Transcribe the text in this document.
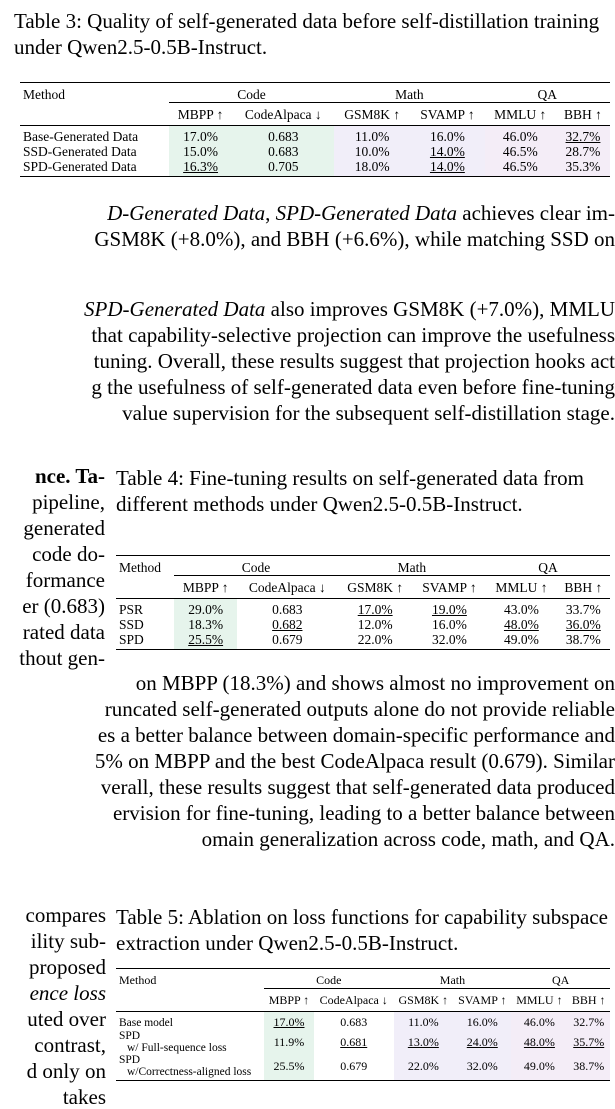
Table 3: Quality of self-generated data before self-distillation training under Qwen2.5-0.5B-Instruct.

Method	Code		Math		QA	
	MBPP ↑	CodeAlpaca ↓	GSM8K ↑	SVAMP ↑	MMLU ↑	BBH ↑
Base-Generated Data	17.0%	0.683	11.0%	16.0%	46.0%	32.7%
SSD-Generated Data	15.0%	0.683	10.0%	14.0%	46.5%	28.7%
SPD-Generated Data	16.3%	0.705	18.0%	14.0%	46.5%	35.3%
D-Generated Data, SPD-Generated Data achieves clear im-
GSM8K (+8.0%), and BBH (+6.6%), while matching SSD on
SPD-Generated Data also improves GSM8K (+7.0%), MMLU
that capability-selective projection can improve the usefulness
tuning. Overall, these results suggest that projection hooks act
g the usefulness of self-generated data even before fine-tuning
value supervision for the subsequent self-distillation stage.
nce. Ta-
pipeline,
generated
code do-
formance
er (0.683)
rated data
thout gen-

Table 4: Fine-tuning results on self-generated data from different methods under Qwen2.5-0.5B-Instruct.

Method	Code		Math		QA	
	MBPP ↑	CodeAlpaca ↓	GSM8K ↑	SVAMP ↑	MMLU ↑	BBH ↑
PSR	29.0%	0.683	17.0%	19.0%	43.0%	33.7%
SSD	18.3%	0.682	12.0%	16.0%	48.0%	36.0%
SPD	25.5%	0.679	22.0%	32.0%	49.0%	38.7%
on MBPP (18.3%) and shows almost no improvement on
runcated self-generated outputs alone do not provide reliable
es a better balance between domain-specific performance and
5% on MBPP and the best CodeAlpaca result (0.679). Similar
verall, these results suggest that self-generated data produced
ervision for fine-tuning, leading to a better balance between
omain generalization across code, math, and QA.
compares
ility sub-
proposed
ence loss
uted over
contrast,
d only on
takes

Table 5: Ablation on loss functions for capability subspace extraction under Qwen2.5-0.5B-Instruct.

Method	Code		Math		QA	
	MBPP ↑	CodeAlpaca ↓	GSM8K ↑	SVAMP ↑	MMLU ↑	BBH ↑
Base model	17.0%	0.683	11.0%	16.0%	46.0%	32.7%

SPD
w/ Full-sequence loss	11.9%	0.681	13.0%	24.0%	48.0%	35.7%

SPD
w/Correctness-aligned loss	25.5%	0.679	22.0%	32.0%	49.0%	38.7%
